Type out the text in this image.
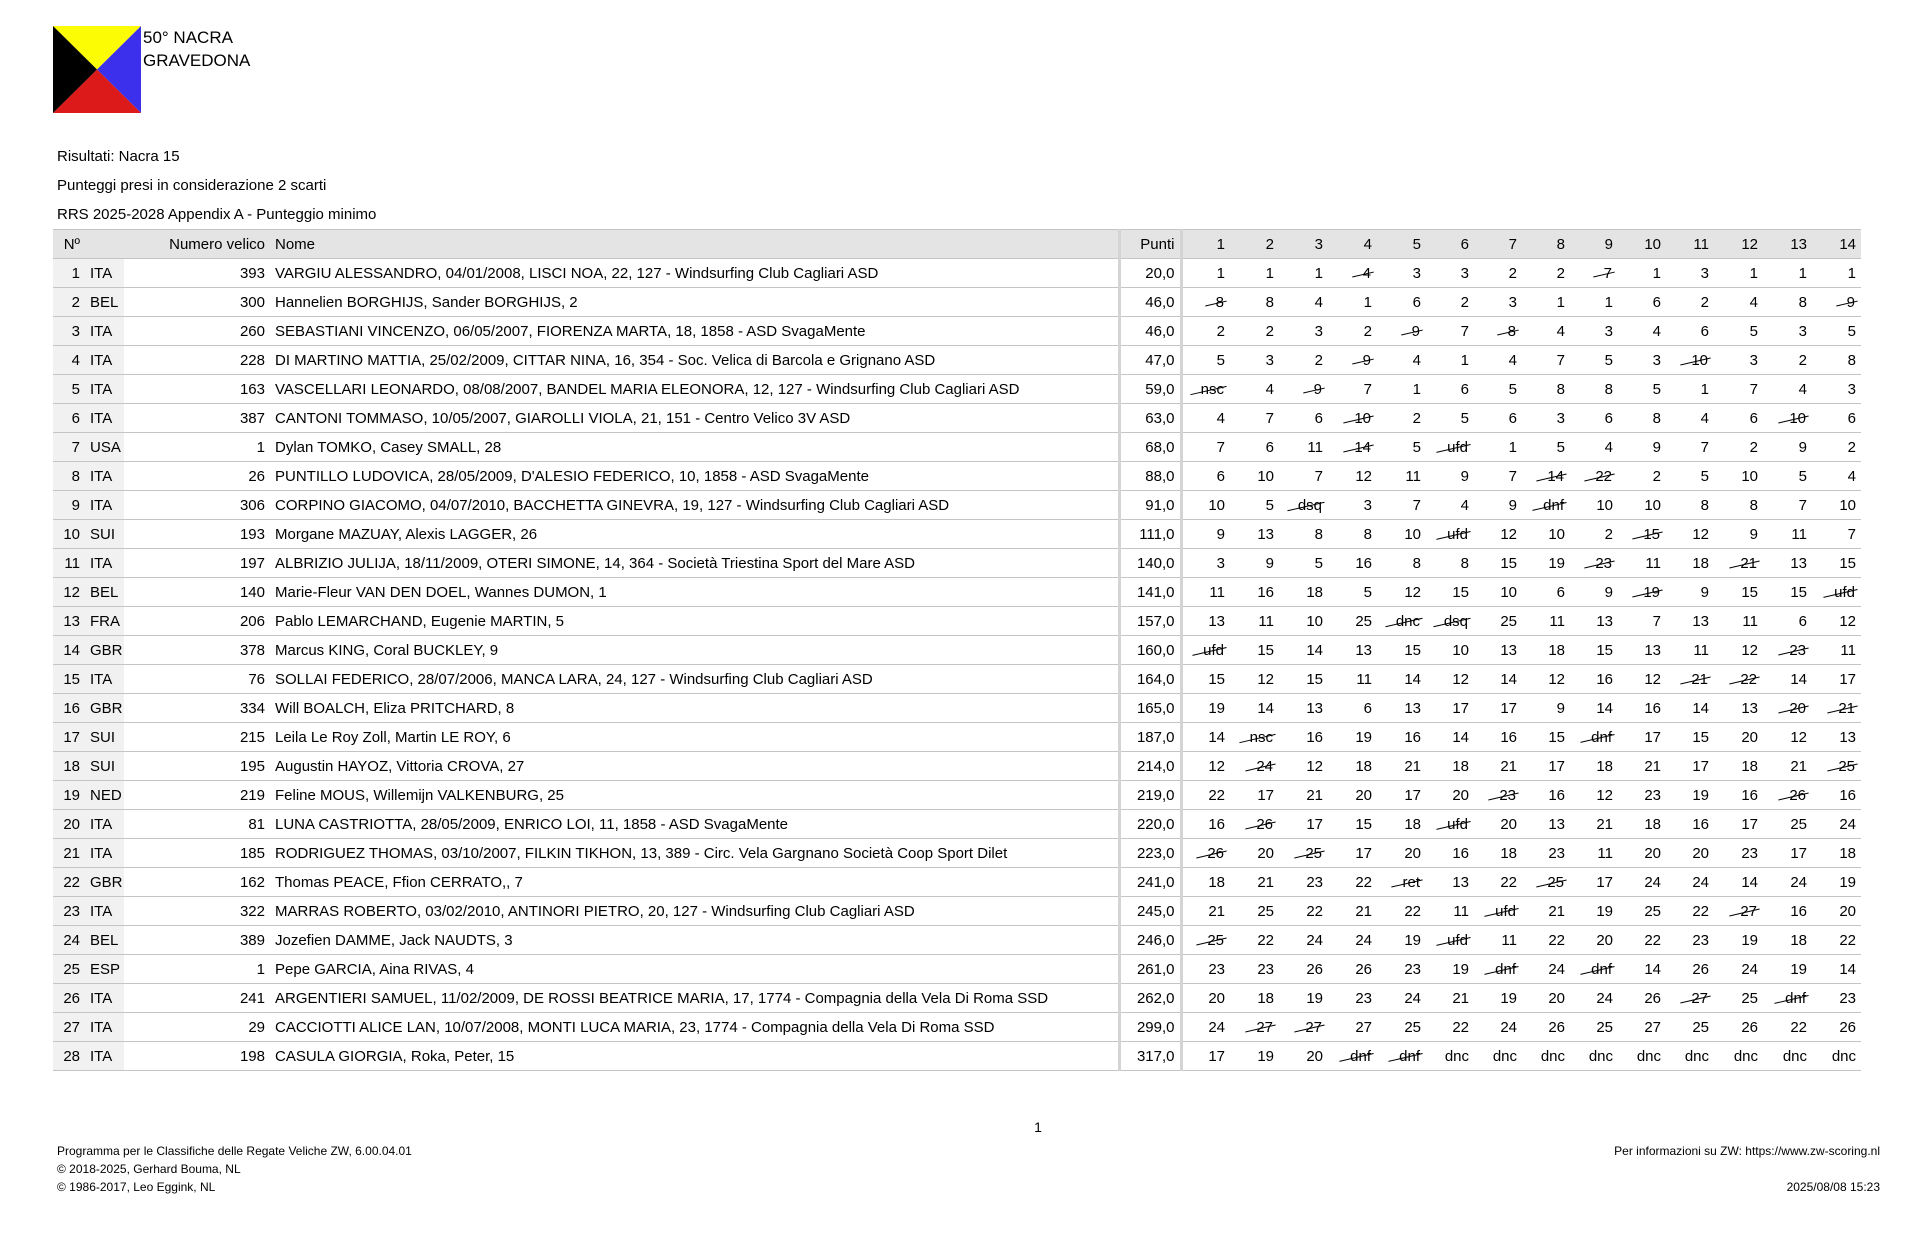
50° NACRA
GRAVEDONA
Risultati: Nacra 15
Punteggi presi in considerazione 2 scarti
RRS 2025-2028 Appendix A - Punteggio minimo
Nº		Numero velico	Nome	Punti	1	2	3	4	5	6	7	8	9	10	11	12	13	14
1	ITA	393	VARGIU ALESSANDRO, 04/01/2008, LISCI NOA, 22, 127 - Windsurfing Club Cagliari ASD	20,0	1	1	1	4	3	3	2	2	7	1	3	1	1	1
2	BEL	300	Hannelien BORGHIJS, Sander BORGHIJS, 2	46,0	8	8	4	1	6	2	3	1	1	6	2	4	8	9
3	ITA	260	SEBASTIANI VINCENZO, 06/05/2007, FIORENZA MARTA, 18, 1858 - ASD SvagaMente	46,0	2	2	3	2	9	7	8	4	3	4	6	5	3	5
4	ITA	228	DI MARTINO MATTIA, 25/02/2009, CITTAR NINA, 16, 354 - Soc. Velica di Barcola e Grignano ASD	47,0	5	3	2	9	4	1	4	7	5	3	10	3	2	8
5	ITA	163	VASCELLARI LEONARDO, 08/08/2007, BANDEL MARIA ELEONORA, 12, 127 - Windsurfing Club Cagliari ASD	59,0	nsc	4	9	7	1	6	5	8	8	5	1	7	4	3
6	ITA	387	CANTONI TOMMASO, 10/05/2007, GIAROLLI VIOLA, 21, 151 - Centro Velico 3V ASD	63,0	4	7	6	10	2	5	6	3	6	8	4	6	10	6
7	USA	1	Dylan TOMKO, Casey SMALL, 28	68,0	7	6	11	14	5	ufd	1	5	4	9	7	2	9	2
8	ITA	26	PUNTILLO LUDOVICA, 28/05/2009, D'ALESIO FEDERICO, 10, 1858 - ASD SvagaMente	88,0	6	10	7	12	11	9	7	14	22	2	5	10	5	4
9	ITA	306	CORPINO GIACOMO, 04/07/2010, BACCHETTA GINEVRA, 19, 127 - Windsurfing Club Cagliari ASD	91,0	10	5	dsq	3	7	4	9	dnf	10	10	8	8	7	10
10	SUI	193	Morgane MAZUAY, Alexis LAGGER, 26	111,0	9	13	8	8	10	ufd	12	10	2	15	12	9	11	7
11	ITA	197	ALBRIZIO JULIJA, 18/11/2009, OTERI SIMONE, 14, 364 - Società Triestina Sport del Mare ASD	140,0	3	9	5	16	8	8	15	19	23	11	18	21	13	15
12	BEL	140	Marie-Fleur VAN DEN DOEL, Wannes DUMON, 1	141,0	11	16	18	5	12	15	10	6	9	19	9	15	15	ufd
13	FRA	206	Pablo LEMARCHAND, Eugenie MARTIN, 5	157,0	13	11	10	25	dnc	dsq	25	11	13	7	13	11	6	12
14	GBR	378	Marcus KING, Coral BUCKLEY, 9	160,0	ufd	15	14	13	15	10	13	18	15	13	11	12	23	11
15	ITA	76	SOLLAI FEDERICO, 28/07/2006, MANCA LARA, 24, 127 - Windsurfing Club Cagliari ASD	164,0	15	12	15	11	14	12	14	12	16	12	21	22	14	17
16	GBR	334	Will BOALCH, Eliza PRITCHARD, 8	165,0	19	14	13	6	13	17	17	9	14	16	14	13	20	21
17	SUI	215	Leila Le Roy Zoll, Martin LE ROY, 6	187,0	14	nsc	16	19	16	14	16	15	dnf	17	15	20	12	13
18	SUI	195	Augustin HAYOZ, Vittoria CROVA, 27	214,0	12	24	12	18	21	18	21	17	18	21	17	18	21	25
19	NED	219	Feline MOUS, Willemijn VALKENBURG, 25	219,0	22	17	21	20	17	20	23	16	12	23	19	16	26	16
20	ITA	81	LUNA CASTRIOTTA, 28/05/2009, ENRICO LOI, 11, 1858 - ASD SvagaMente	220,0	16	26	17	15	18	ufd	20	13	21	18	16	17	25	24
21	ITA	185	RODRIGUEZ THOMAS, 03/10/2007, FILKIN TIKHON, 13, 389 - Circ. Vela Gargnano Società Coop Sport Dilet	223,0	26	20	25	17	20	16	18	23	11	20	20	23	17	18
22	GBR	162	Thomas PEACE, Ffion CERRATO,, 7	241,0	18	21	23	22	ret	13	22	25	17	24	24	14	24	19
23	ITA	322	MARRAS ROBERTO, 03/02/2010, ANTINORI PIETRO, 20, 127 - Windsurfing Club Cagliari ASD	245,0	21	25	22	21	22	11	ufd	21	19	25	22	27	16	20
24	BEL	389	Jozefien DAMME, Jack NAUDTS, 3	246,0	25	22	24	24	19	ufd	11	22	20	22	23	19	18	22
25	ESP	1	Pepe GARCIA, Aina RIVAS, 4	261,0	23	23	26	26	23	19	dnf	24	dnf	14	26	24	19	14
26	ITA	241	ARGENTIERI SAMUEL, 11/02/2009, DE ROSSI BEATRICE MARIA, 17, 1774 - Compagnia della Vela Di Roma SSD	262,0	20	18	19	23	24	21	19	20	24	26	27	25	dnf	23
27	ITA	29	CACCIOTTI ALICE LAN, 10/07/2008, MONTI LUCA MARIA, 23, 1774 - Compagnia della Vela Di Roma SSD	299,0	24	27	27	27	25	22	24	26	25	27	25	26	22	26
28	ITA	198	CASULA GIORGIA, Roka, Peter, 15	317,0	17	19	20	dnf	dnf	dnc	dnc	dnc	dnc	dnc	dnc	dnc	dnc	dnc
1
Programma per le Classifiche delle Regate Veliche ZW, 6.00.04.01
© 2018-2025, Gerhard Bouma, NL
© 1986-2017, Leo Eggink, NL
Per informazioni su ZW: https://www.zw-scoring.nl
2025/08/08 15:23
